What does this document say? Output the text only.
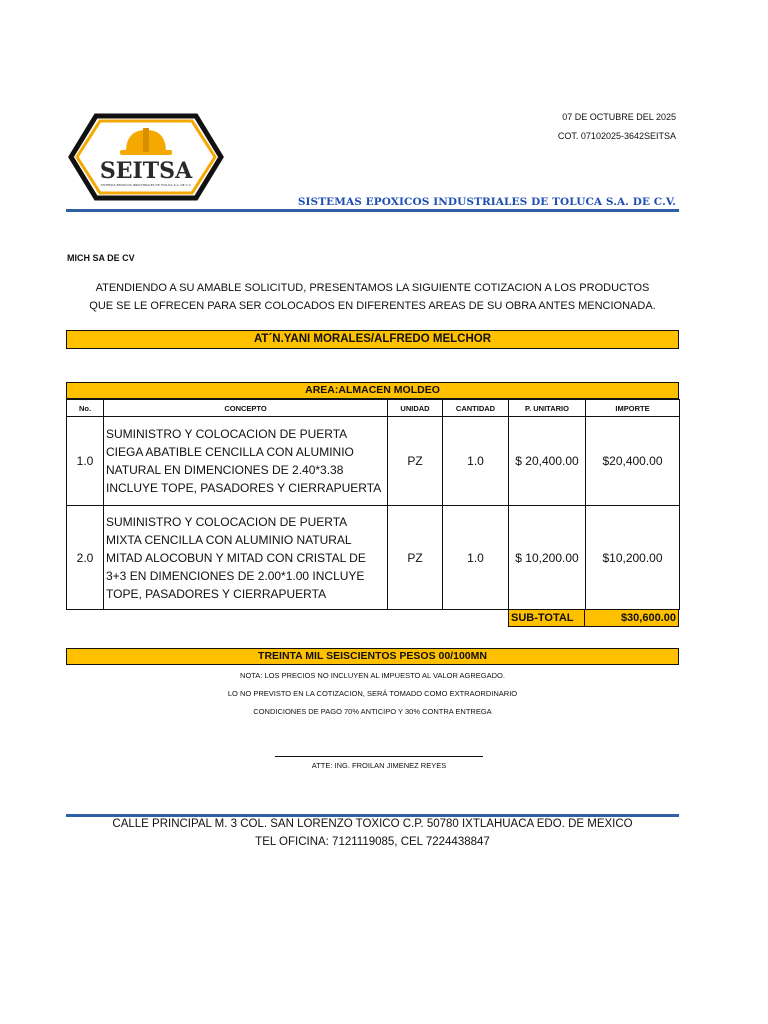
07 DE OCTUBRE DEL 2025
COT. 07102025-3642SEITSA
SEITSA
SISTEMAS EPOXICOS INDUSTRIALES DE TOLUCA S.A. DE C.V.
SISTEMAS EPOXICOS INDUSTRIALES DE TOLUCA S.A. DE C.V.
MICH SA DE CV
ATENDIENDO A SU AMABLE SOLICITUD, PRESENTAMOS LA SIGUIENTE COTIZACION A LOS PRODUCTOS
QUE SE LE OFRECEN PARA SER COLOCADOS EN DIFERENTES AREAS DE SU OBRA ANTES MENCIONADA.
AT´N.YANI MORALES/ALFREDO MELCHOR
AREA:ALMACEN MOLDEO
No.	CONCEPTO	UNIDAD	CANTIDAD	P. UNITARIO	IMPORTE
1.0	SUMINISTRO Y COLOCACION DE PUERTA CIEGA ABATIBLE CENCILLA CON ALUMINIO NATURAL EN DIMENCIONES DE 2.40*3.38 INCLUYE TOPE, PASADORES Y CIERRAPUERTA	PZ	1.0	$ 20,400.00	$20,400.00
2.0	SUMINISTRO Y COLOCACION DE PUERTA MIXTA CENCILLA CON ALUMINIO NATURAL MITAD ALOCOBUN Y MITAD CON CRISTAL DE 3+3 EN DIMENCIONES DE 2.00*1.00 INCLUYE TOPE, PASADORES Y CIERRAPUERTA	PZ	1.0	$ 10,200.00	$10,200.00
SUB-TOTAL	$30,600.00
TREINTA MIL SEISCIENTOS PESOS 00/100MN
NOTA: LOS PRECIOS NO INCLUYEN AL IMPUESTO AL VALOR AGREGADO.
LO NO PREVISTO EN LA COTIZACION, SERÁ TOMADO COMO EXTRAORDINARIO
CONDICIONES DE PAGO 70% ANTICIPO Y 30% CONTRA ENTREGA
ATTE: ING. FROILAN JIMENEZ REYES
CALLE PRINCIPAL M. 3 COL. SAN LORENZO TOXICO C.P. 50780 IXTLAHUACA EDO. DE MEXICO
TEL OFICINA: 7121119085, CEL 7224438847
